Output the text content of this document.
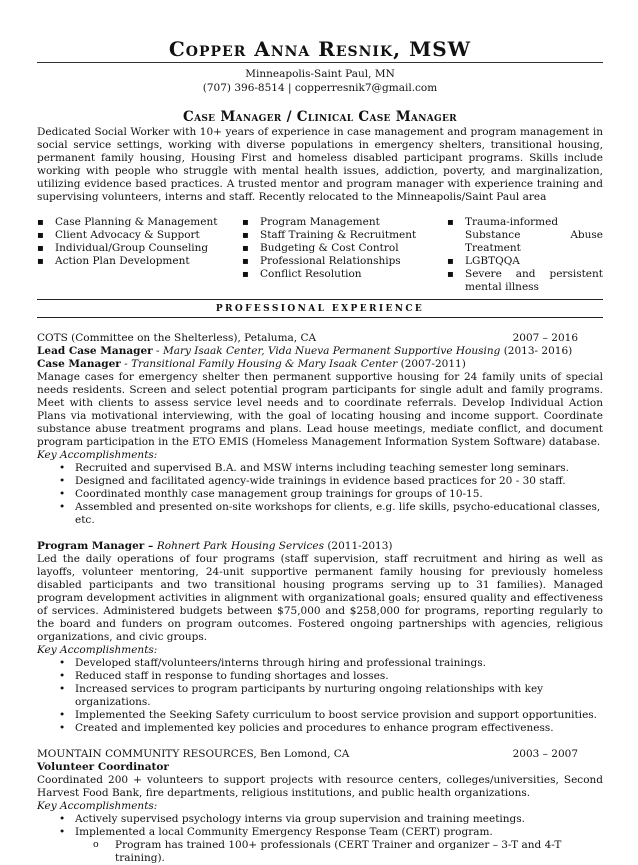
Copper Anna Resnik, MSW
Minneapolis-Saint Paul, MN
(707) 396-8514 | copperresnik7@gmail.com
Case Manager / Clinical Case Manager
Dedicated Social Worker with 10+ years of experience in case management and program management in social service settings, working with diverse populations in emergency shelters, transitional housing, permanent family housing, Housing First and homeless disabled participant programs. Skills include working with people who struggle with mental health issues, addiction, poverty, and marginalization, utilizing evidence based practices. A trusted mentor and program manager with experience training and supervising volunteers, interns and staff. Recently relocated to the Minneapolis/Saint Paul area
▪ Case Planning & Management
▪ Client Advocacy & Support
▪ Individual/Group Counseling
▪ Action Plan Development
▪ Program Management
▪ Staff Training & Recruitment
▪ Budgeting & Cost Control
▪ Professional Relationships
▪ Conflict Resolution
▪ Trauma-informed Substance Abuse Treatment
▪ LGBTQQA
▪ Severe and persistent mental illness
PROFESSIONAL EXPERIENCE
COTS (Committee on the Shelterless), Petaluma, CA	2007 – 2016
Lead Case Manager - Mary Isaak Center, Vida Nueva Permanent Supportive Housing (2013- 2016)
Case Manager - Transitional Family Housing & Mary Isaak Center (2007-2011)
Manage cases for emergency shelter then permanent supportive housing for 24 family units of special needs residents. Screen and select potential program participants for single adult and family programs. Meet with clients to assess service level needs and to coordinate referrals. Develop Individual Action Plans via motivational interviewing, with the goal of locating housing and income support. Coordinate substance abuse treatment programs and plans. Lead house meetings, mediate conflict, and document program participation in the ETO EMIS (Homeless Management Information System Software) database.
Key Accomplishments:
• Recruited and supervised B.A. and MSW interns including teaching semester long seminars.
• Designed and facilitated agency-wide trainings in evidence based practices for 20 - 30 staff.
• Coordinated monthly case management group trainings for groups of 10-15.
• Assembled and presented on-site workshops for clients, e.g. life skills, psycho-educational classes, etc.
Program Manager – Rohnert Park Housing Services (2011-2013)
Led the daily operations of four programs (staff supervision, staff recruitment and hiring as well as layoffs, volunteer mentoring, 24-unit supportive permanent family housing for previously homeless disabled participants and two transitional housing programs serving up to 31 families). Managed program development activities in alignment with organizational goals; ensured quality and effectiveness of services. Administered budgets between $75,000 and $258,000 for programs, reporting regularly to the board and funders on program outcomes. Fostered ongoing partnerships with agencies, religious organizations, and civic groups.
Key Accomplishments:
• Developed staff/volunteers/interns through hiring and professional trainings.
• Reduced staff in response to funding shortages and losses.
• Increased services to program participants by nurturing ongoing relationships with key organizations.
• Implemented the Seeking Safety curriculum to boost service provision and support opportunities.
• Created and implemented key policies and procedures to enhance program effectiveness.
MOUNTAIN COMMUNITY RESOURCES, Ben Lomond, CA	2003 – 2007
Volunteer Coordinator
Coordinated 200 + volunteers to support projects with resource centers, colleges/universities, Second Harvest Food Bank, fire departments, religious institutions, and public health organizations.
Key Accomplishments:
• Actively supervised psychology interns via group supervision and training meetings.
• Implemented a local Community Emergency Response Team (CERT) program.
o Program has trained 100+ professionals (CERT Trainer and organizer – 3-T and 4-T training).
